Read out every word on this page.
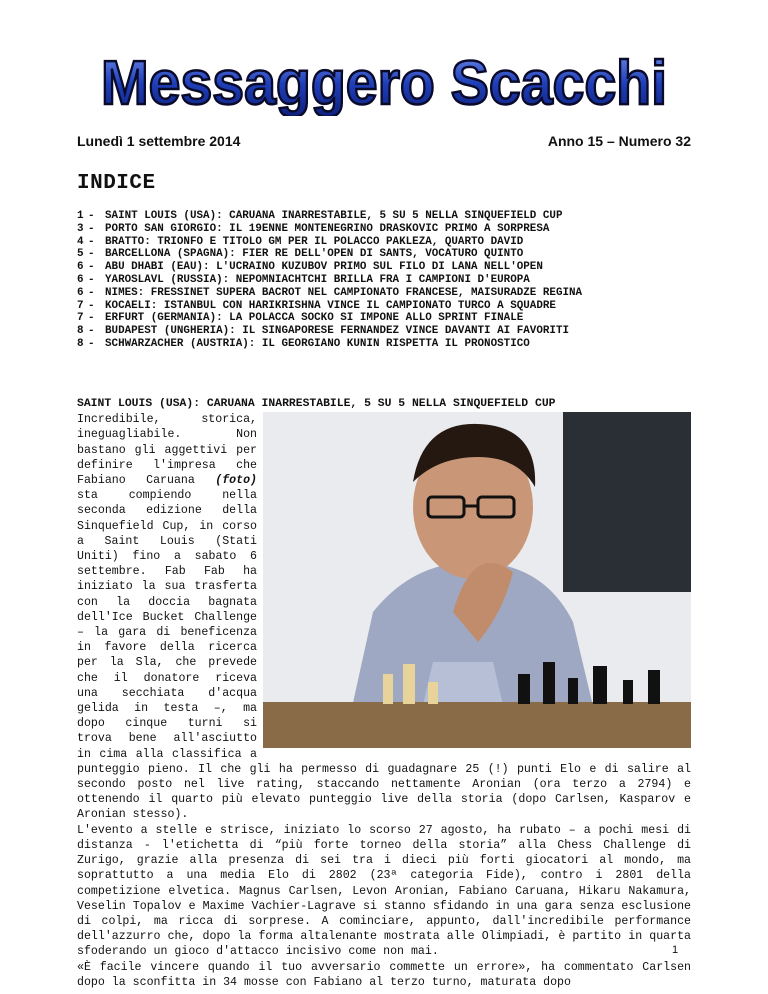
Messaggero Scacchi
Lunedì 1 settembre 2014	Anno 15 – Numero 32
INDICE
1- SAINT LOUIS (USA): CARUANA INARRESTABILE, 5 SU 5 NELLA SINQUEFIELD CUP
3- PORTO SAN GIORGIO: IL 19ENNE MONTENEGRINO DRASKOVIC PRIMO A SORPRESA
4- BRATTO: TRIONFO E TITOLO GM PER IL POLACCO PAKLEZA, QUARTO DAVID
5- BARCELLONA (SPAGNA): FIER RE DELL'OPEN DI SANTS, VOCATURO QUINTO
6- ABU DHABI (EAU): L'UCRAINO KUZUBOV PRIMO SUL FILO DI LANA NELL'OPEN
6- YAROSLAVL (RUSSIA): NEPOMNIACHTCHI BRILLA FRA I CAMPIONI D'EUROPA
6- NIMES: FRESSINET SUPERA BACROT NEL CAMPIONATO FRANCESE, MAISURADZE REGINA
7- KOCAELI: ISTANBUL CON HARIKRISHNA VINCE IL CAMPIONATO TURCO A SQUADRE
7- ERFURT (GERMANIA): LA POLACCA SOCKO SI IMPONE ALLO SPRINT FINALE
8- BUDAPEST (UNGHERIA): IL SINGAPORESE FERNANDEZ VINCE DAVANTI AI FAVORITI
8- SCHWARZACHER (AUSTRIA): IL GEORGIANO KUNIN RISPETTA IL PRONOSTICO
SAINT LOUIS (USA): CARUANA INARRESTABILE, 5 SU 5 NELLA SINQUEFIELD CUP

Incredibile, storica, ineguagliabile. Non bastano gli aggettivi per definire l'impresa che Fabiano Caruana (foto) sta compiendo nella seconda edizione della Sinquefield Cup, in corso a Saint Louis (Stati Uniti) fino a sabato 6 settembre. Fab Fab ha iniziato la sua trasferta con la doccia bagnata dell'Ice Bucket Challenge – la gara di beneficenza in favore della ricerca per la Sla, che prevede che il donatore riceva una secchiata d'acqua gelida in testa –, ma dopo cinque turni si trova bene all'asciutto in cima alla classifica a punteggio pieno. Il che gli ha permesso di guadagnare 25 (!) punti Elo e di salire al secondo posto nel live rating, staccando nettamente Aronian (ora terzo a 2794) e ottenendo il quarto più elevato punteggio live della storia (dopo Carlsen, Kasparov e Aronian stesso).

L'evento a stelle e strisce, iniziato lo scorso 27 agosto, ha rubato – a pochi mesi di distanza - l'etichetta di “più forte torneo della storia” alla Chess Challenge di Zurigo, grazie alla presenza di sei tra i dieci più forti giocatori al mondo, ma soprattutto a una media Elo di 2802 (23ª categoria Fide), contro i 2801 della competizione elvetica. Magnus Carlsen, Levon Aronian, Fabiano Caruana, Hikaru Nakamura, Veselin Topalov e Maxime Vachier-Lagrave si stanno sfidando in una gara senza esclusione di colpi, ma ricca di sorprese. A cominciare, appunto, dall'incredibile performance dell'azzurro che, dopo la forma altalenante mostrata alle Olimpiadi, è partito in quarta sfoderando un gioco d'attacco incisivo come non mai.

«È facile vincere quando il tuo avversario commette un errore», ha commentato Carlsen dopo la sconfitta in 34 mosse con Fabiano al terzo turno, maturata dopo

1
